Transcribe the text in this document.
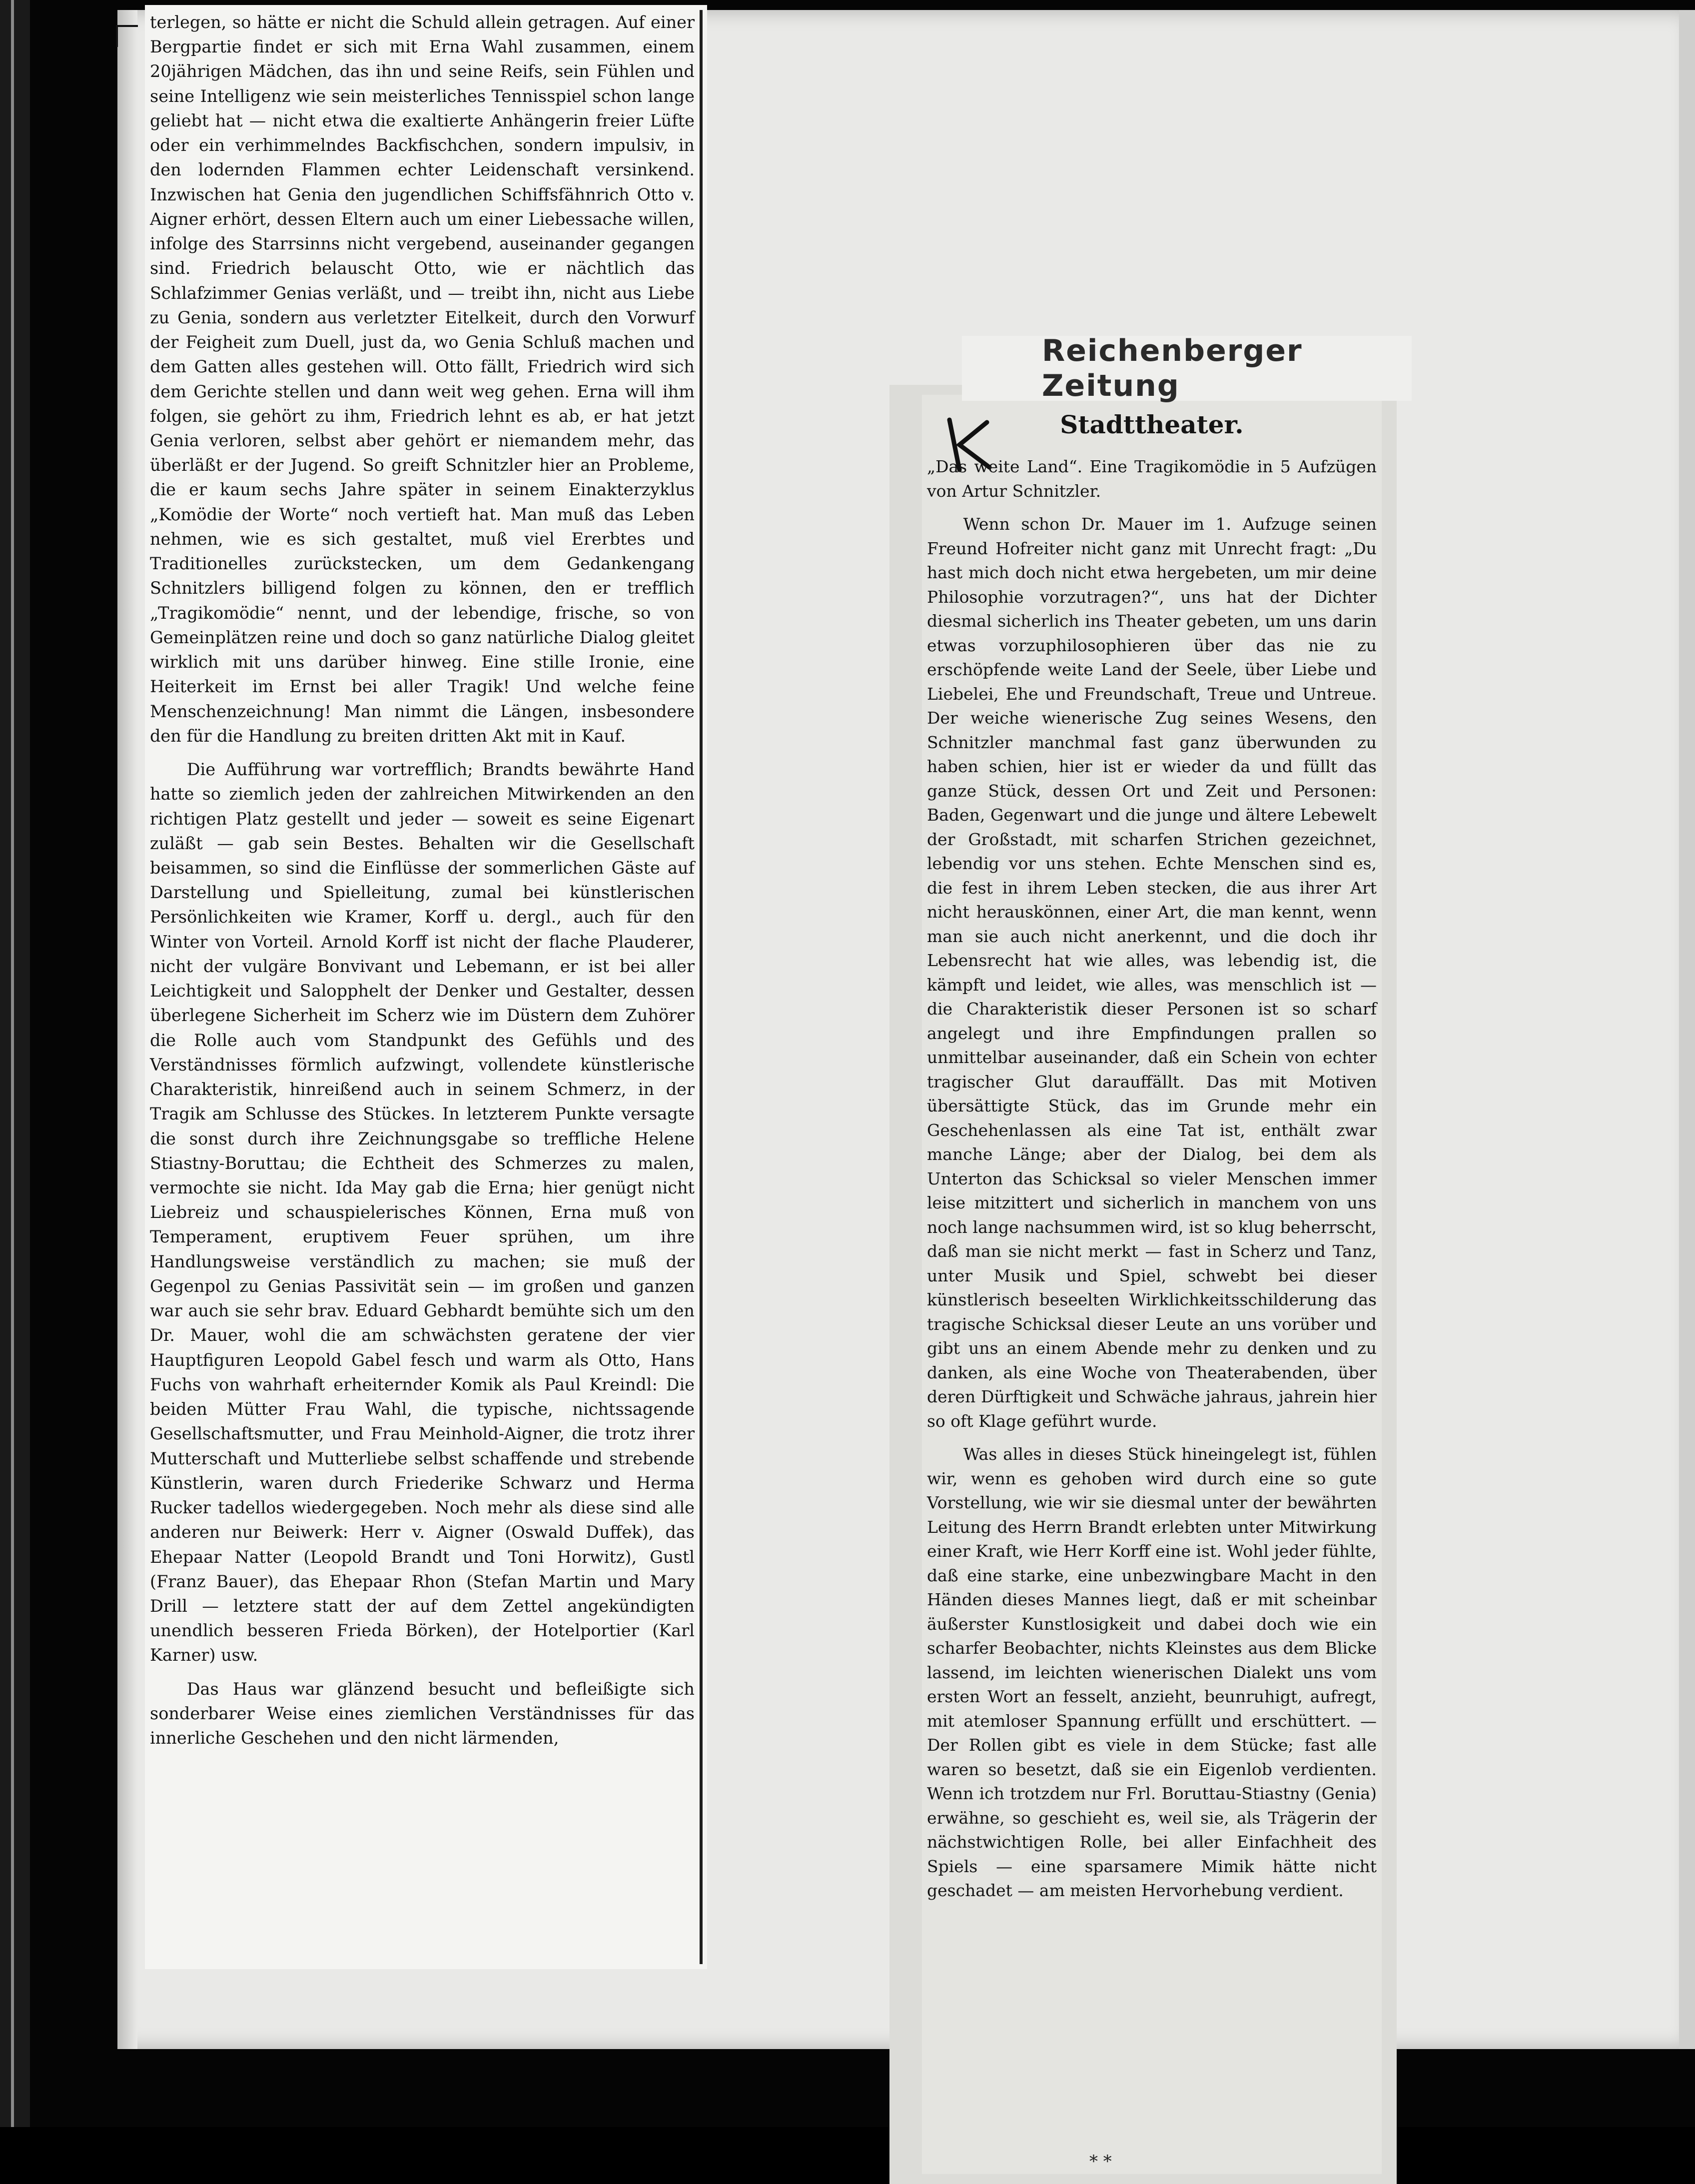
terlegen, so hätte er nicht die Schuld allein getragen. Auf einer Bergpartie findet er sich mit Erna Wahl zusammen, einem 20jährigen Mädchen, das ihn und seine Reifs, sein Fühlen und seine Intelligenz wie sein meisterliches Tennisspiel schon lange geliebt hat — nicht etwa die exaltierte Anhängerin freier Lüfte oder ein verhimmelndes Backfischchen, sondern impulsiv, in den lodernden Flammen echter Leidenschaft versinkend. Inzwischen hat Genia den jugendlichen Schiffsfähnrich Otto v. Aigner erhört, dessen Eltern auch um einer Liebessache willen, infolge des Starrsinns nicht vergebend, auseinander gegangen sind. Friedrich belauscht Otto, wie er nächtlich das Schlafzimmer Genias verläßt, und — treibt ihn, nicht aus Liebe zu Genia, sondern aus verletzter Eitelkeit, durch den Vorwurf der Feigheit zum Duell, just da, wo Genia Schluß machen und dem Gatten alles gestehen will. Otto fällt, Friedrich wird sich dem Gerichte stellen und dann weit weg gehen. Erna will ihm folgen, sie gehört zu ihm, Friedrich lehnt es ab, er hat jetzt Genia verloren, selbst aber gehört er niemandem mehr, das überläßt er der Jugend. So greift Schnitzler hier an Probleme, die er kaum sechs Jahre später in seinem Einakterzyklus „Komödie der Worte“ noch vertieft hat. Man muß das Leben nehmen, wie es sich gestaltet, muß viel Ererbtes und Traditionelles zurückstecken, um dem Gedankengang Schnitzlers billigend folgen zu können, den er trefflich „Tragikomödie“ nennt, und der lebendige, frische, so von Gemeinplätzen reine und doch so ganz natürliche Dialog gleitet wirklich mit uns darüber hinweg. Eine stille Ironie, eine Heiterkeit im Ernst bei aller Tragik! Und welche feine Menschenzeichnung! Man nimmt die Längen, insbesondere den für die Handlung zu breiten dritten Akt mit in Kauf.

Die Aufführung war vortrefflich; Brandts bewährte Hand hatte so ziemlich jeden der zahlreichen Mitwirkenden an den richtigen Platz gestellt und jeder — soweit es seine Eigenart zuläßt — gab sein Bestes. Behalten wir die Gesellschaft beisammen, so sind die Einflüsse der sommerlichen Gäste auf Darstellung und Spielleitung, zumal bei künstlerischen Persönlichkeiten wie Kramer, Korff u. dergl., auch für den Winter von Vorteil. Arnold Korff ist nicht der flache Plauderer, nicht der vulgäre Bonvivant und Lebemann, er ist bei aller Leichtigkeit und Salopphelt der Denker und Gestalter, dessen überlegene Sicherheit im Scherz wie im Düstern dem Zuhörer die Rolle auch vom Standpunkt des Gefühls und des Verständnisses förmlich aufzwingt, vollendete künstlerische Charakteristik, hinreißend auch in seinem Schmerz, in der Tragik am Schlusse des Stückes. In letzterem Punkte versagte die sonst durch ihre Zeichnungsgabe so treffliche Helene Stiastny-Boruttau; die Echtheit des Schmerzes zu malen, vermochte sie nicht. Ida May gab die Erna; hier genügt nicht Liebreiz und schauspielerisches Können, Erna muß von Temperament, eruptivem Feuer sprühen, um ihre Handlungsweise verständlich zu machen; sie muß der Gegenpol zu Genias Passivität sein — im großen und ganzen war auch sie sehr brav. Eduard Gebhardt bemühte sich um den Dr. Mauer, wohl die am schwächsten geratene der vier Hauptfiguren Leopold Gabel fesch und warm als Otto, Hans Fuchs von wahrhaft erheiternder Komik als Paul Kreindl: Die beiden Mütter Frau Wahl, die typische, nichtssagende Gesellschaftsmutter, und Frau Meinhold-Aigner, die trotz ihrer Mutterschaft und Mutterliebe selbst schaffende und strebende Künstlerin, waren durch Friederike Schwarz und Herma Rucker tadellos wiedergegeben. Noch mehr als diese sind alle anderen nur Beiwerk: Herr v. Aigner (Oswald Duffek), das Ehepaar Natter (Leopold Brandt und Toni Horwitz), Gustl (Franz Bauer), das Ehepaar Rhon (Stefan Martin und Mary Drill — letztere statt der auf dem Zettel angekündigten unendlich besseren Frieda Börken), der Hotelportier (Karl Karner) usw.

Das Haus war glänzend besucht und befleißigte sich sonderbarer Weise eines ziemlichen Verständnisses für das innerliche Geschehen und den nicht lärmenden,

Reichenberger Zeitung
Stadttheater.

„Das weite Land“. Eine Tragikomödie in 5 Aufzügen von Artur Schnitzler.

Wenn schon Dr. Mauer im 1. Aufzuge seinen Freund Hofreiter nicht ganz mit Unrecht fragt: „Du hast mich doch nicht etwa hergebeten, um mir deine Philosophie vorzutragen?“, uns hat der Dichter diesmal sicherlich ins Theater gebeten, um uns darin etwas vorzuphilosophieren über das nie zu erschöpfende weite Land der Seele, über Liebe und Liebelei, Ehe und Freundschaft, Treue und Untreue. Der weiche wienerische Zug seines Wesens, den Schnitzler manchmal fast ganz überwunden zu haben schien, hier ist er wieder da und füllt das ganze Stück, dessen Ort und Zeit und Personen: Baden, Gegenwart und die junge und ältere Lebewelt der Großstadt, mit scharfen Strichen gezeichnet, lebendig vor uns stehen. Echte Menschen sind es, die fest in ihrem Leben stecken, die aus ihrer Art nicht herauskönnen, einer Art, die man kennt, wenn man sie auch nicht anerkennt, und die doch ihr Lebensrecht hat wie alles, was lebendig ist, die kämpft und leidet, wie alles, was menschlich ist — die Charakteristik dieser Personen ist so scharf angelegt und ihre Empfindungen prallen so unmittelbar auseinander, daß ein Schein von echter tragischer Glut darauffällt. Das mit Motiven übersättigte Stück, das im Grunde mehr ein Geschehenlassen als eine Tat ist, enthält zwar manche Länge; aber der Dialog, bei dem als Unterton das Schicksal so vieler Menschen immer leise mitzittert und sicherlich in manchem von uns noch lange nachsummen wird, ist so klug beherrscht, daß man sie nicht merkt — fast in Scherz und Tanz, unter Musik und Spiel, schwebt bei dieser künstlerisch beseelten Wirklichkeitsschilderung das tragische Schicksal dieser Leute an uns vorüber und gibt uns an einem Abende mehr zu denken und zu danken, als eine Woche von Theaterabenden, über deren Dürftigkeit und Schwäche jahraus, jahrein hier so oft Klage geführt wurde.

Was alles in dieses Stück hineingelegt ist, fühlen wir, wenn es gehoben wird durch eine so gute Vorstellung, wie wir sie diesmal unter der bewährten Leitung des Herrn Brandt erlebten unter Mitwirkung einer Kraft, wie Herr Korff eine ist. Wohl jeder fühlte, daß eine starke, eine unbezwingbare Macht in den Händen dieses Mannes liegt, daß er mit scheinbar äußerster Kunstlosigkeit und dabei doch wie ein scharfer Beobachter, nichts Kleinstes aus dem Blicke lassend, im leichten wienerischen Dialekt uns vom ersten Wort an fesselt, anzieht, beunruhigt, aufregt, mit atemloser Spannung erfüllt und erschüttert. — Der Rollen gibt es viele in dem Stücke; fast alle waren so besetzt, daß sie ein Eigenlob verdienten. Wenn ich trotzdem nur Frl. Boruttau-Stiastny (Genia) erwähne, so geschieht es, weil sie, als Trägerin der nächstwichtigen Rolle, bei aller Einfachheit des Spiels — eine sparsamere Mimik hätte nicht geschadet — am meisten Hervorhebung verdient.

* *
